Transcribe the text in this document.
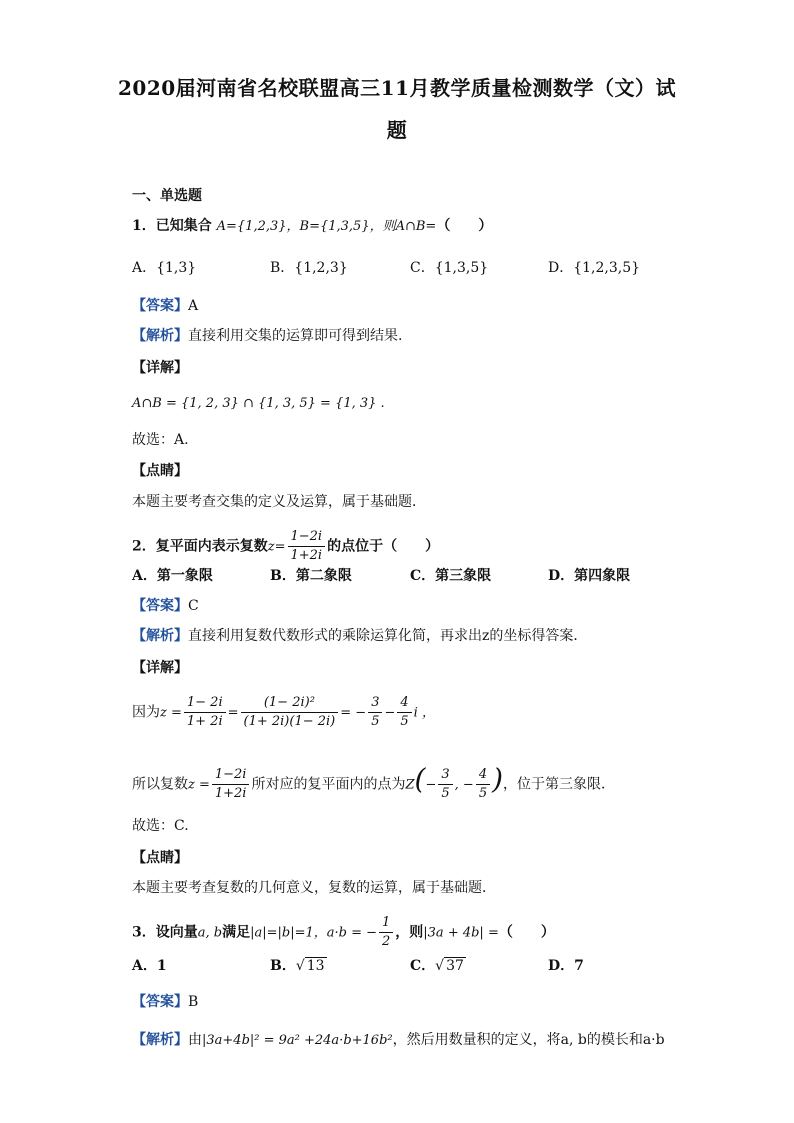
2020届河南省名校联盟高三11月教学质量检测数学（文）试
题
一、单选题
1．已知集合 A={1,2,3}，B={1,3,5}，则A∩B=（　　）
A．{1,3}	B．{1,2,3}	C．{1,3,5}	D．{1,2,3,5}
【答案】A
【解析】直接利用交集的运算即可得到结果.
【详解】
A∩B = {1, 2, 3} ∩ {1, 3, 5} = {1, 3} .
故选：A.
【点睛】
本题主要考查交集的定义及运算，属于基础题．
2．复平面内表示复数$z= \frac{1-2i}{1+2i}$ 的点位于（　　）
A．第一象限	B．第二象限	C．第三象限	D．第四象限
【答案】C
【解析】直接利用复数代数形式的乘除运算化简，再求出z的坐标得答案．
【详解】
因为$z = \frac{1- 2i}{1+ 2i} = \frac{\text{(1− 2i)²}}{(1+ 2i)(1- 2i)}$ = − $\frac{3}{5} - \frac{4}{5}$ i ，
所以复数$z = \frac{1-2i}{1+2i}$ 所对应的复平面内的点为$Z(- \frac{3}{5}$ , − $\frac{4}{5}$ )，位于第三象限．
故选：C.
【点睛】
本题主要考查复数的几何意义，复数的运算，属于基础题．
3．设向量a, b满足|a|=|b|=1，a·b = − $\frac{1}{2}$ ，则|3a + 4b| =（　　）
A．1	B．√ 13	C．√ 37	D．7
【答案】B
【解析】由|3a+4b|² = 9a² +24a·b+16b²，然后用数量积的定义，将a, b的模长和a·b
